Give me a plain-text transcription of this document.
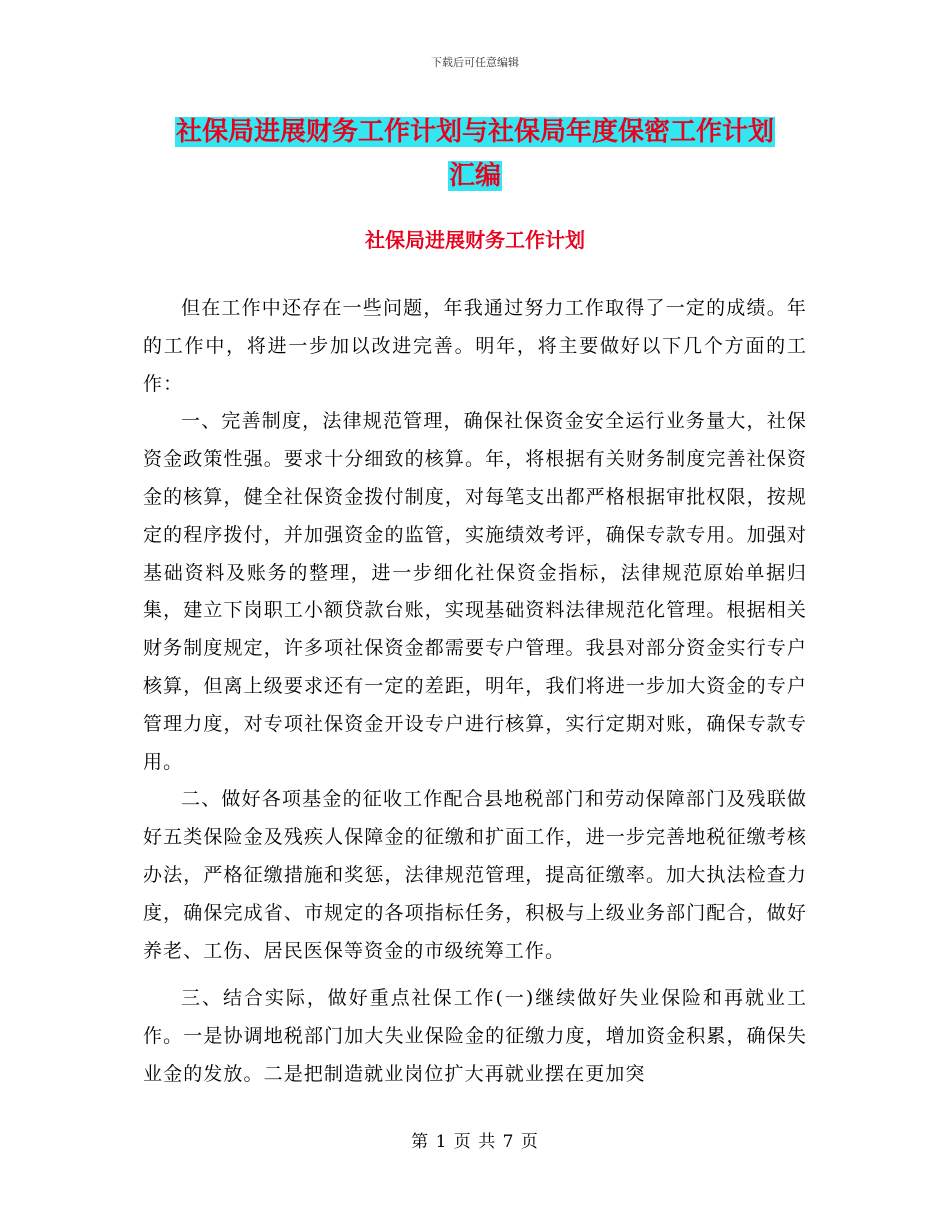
下载后可任意编辑
社保局进展财务工作计划与社保局年度保密工作计划
汇编
社保局进展财务工作计划

但在工作中还存在一些问题，年我通过努力工作取得了一定的成绩。年的工作中，将进一步加以改进完善。明年，将主要做好以下几个方面的工作：

一、完善制度，法律规范管理，确保社保资金安全运行业务量大，社保资金政策性强。要求十分细致的核算。年，将根据有关财务制度完善社保资金的核算，健全社保资金拨付制度，对每笔支出都严格根据审批权限，按规定的程序拨付，并加强资金的监管，实施绩效考评，确保专款专用。加强对基础资料及账务的整理，进一步细化社保资金指标，法律规范原始单据归集，建立下岗职工小额贷款台账，实现基础资料法律规范化管理。根据相关财务制度规定，许多项社保资金都需要专户管理。我县对部分资金实行专户核算，但离上级要求还有一定的差距，明年，我们将进一步加大资金的专户管理力度，对专项社保资金开设专户进行核算，实行定期对账，确保专款专用。

二、做好各项基金的征收工作配合县地税部门和劳动保障部门及残联做好五类保险金及残疾人保障金的征缴和扩面工作，进一步完善地税征缴考核办法，严格征缴措施和奖惩，法律规范管理，提高征缴率。加大执法检查力度，确保完成省、市规定的各项指标任务，积极与上级业务部门配合，做好养老、工伤、居民医保等资金的市级统筹工作。

三、结合实际，做好重点社保工作(一)继续做好失业保险和再就业工作。一是协调地税部门加大失业保险金的征缴力度，增加资金积累，确保失业金的发放。二是把制造就业岗位扩大再就业摆在更加突

第 1 页 共 7 页
